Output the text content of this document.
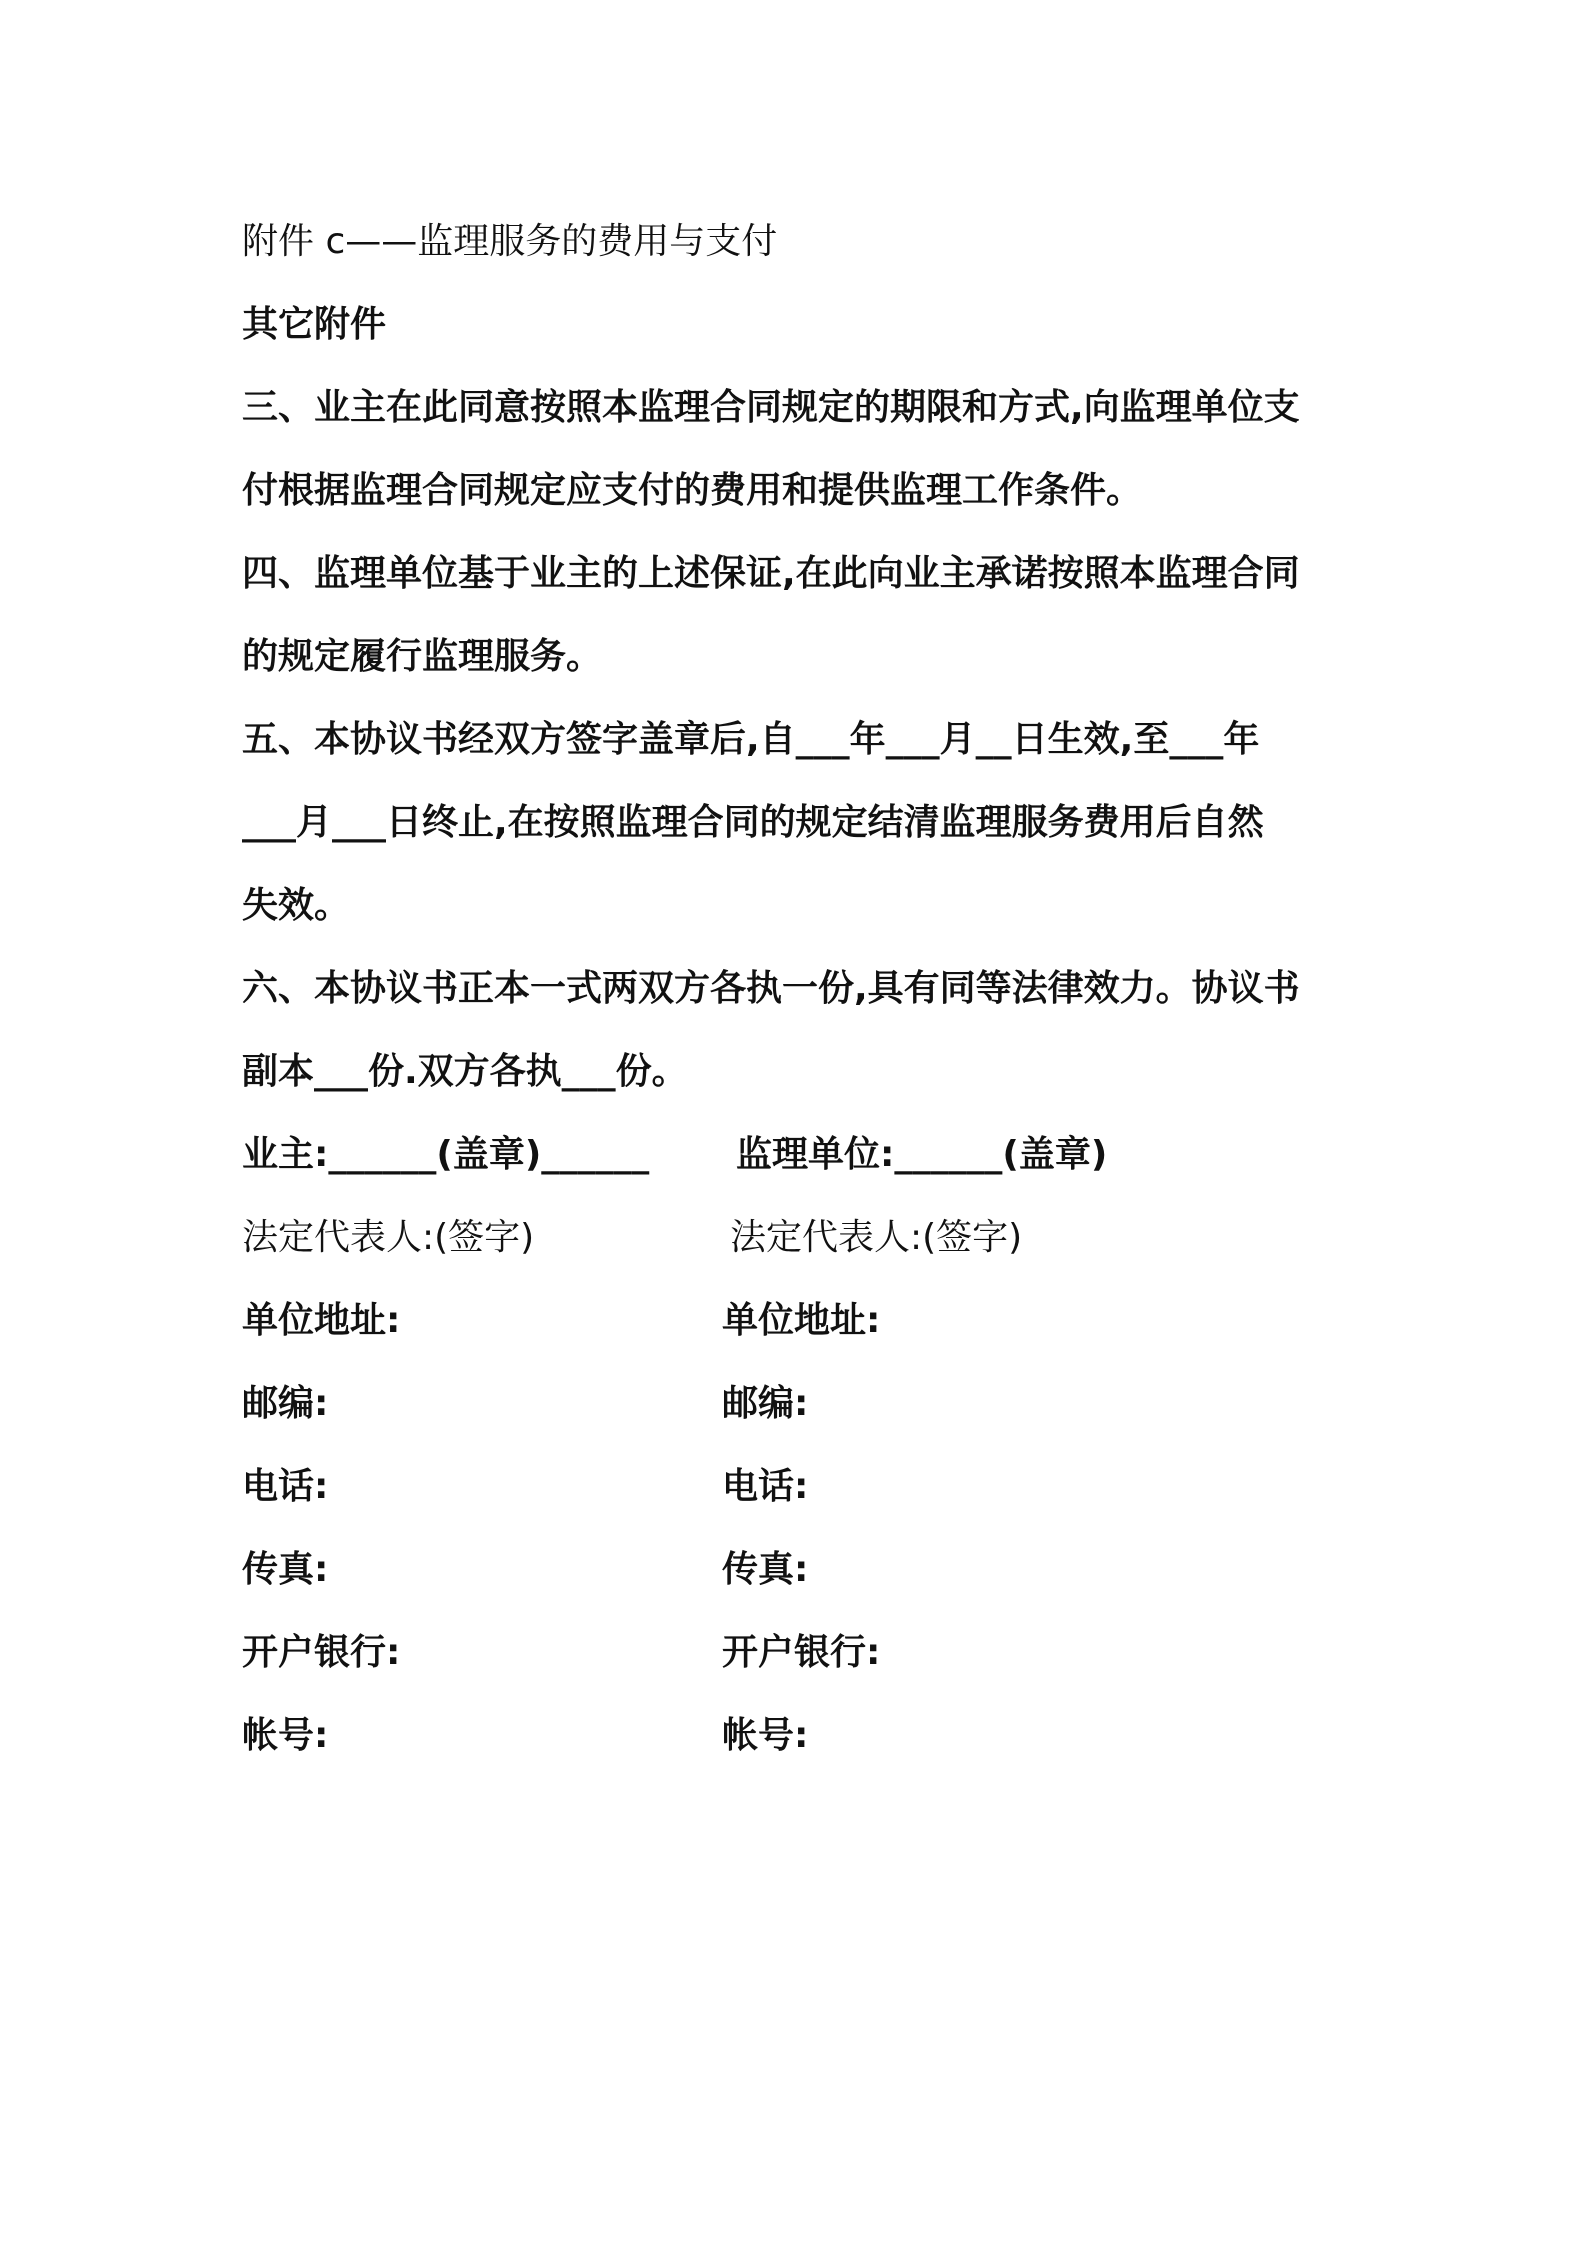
附件 c——监理服务的费用与支付
其它附件
三、业主在此同意按照本监理合同规定的期限和方式,向监理单位支
付根据监理合同规定应支付的费用和提供监理工作条件。
四、监理单位基于业主的上述保证,在此向业主承诺按照本监理合同
的规定履行监理服务。
五、本协议书经双方签字盖章后,自___年___月__日生效,至___年
___月___日终止,在按照监理合同的规定结清监理服务费用后自然
失效。
六、本协议书正本一式两双方各执一份,具有同等法律效力。协议书
副本___份.双方各执___份。
业主:______(盖章)______ 监理单位:______(盖章)
法定代表人:(签字)	法定代表人:(签字)
单位地址:	单位地址:
邮编:	邮编:
电话:	电话:
传真:	传真:
开户银行:	开户银行:
帐号:	帐号:
